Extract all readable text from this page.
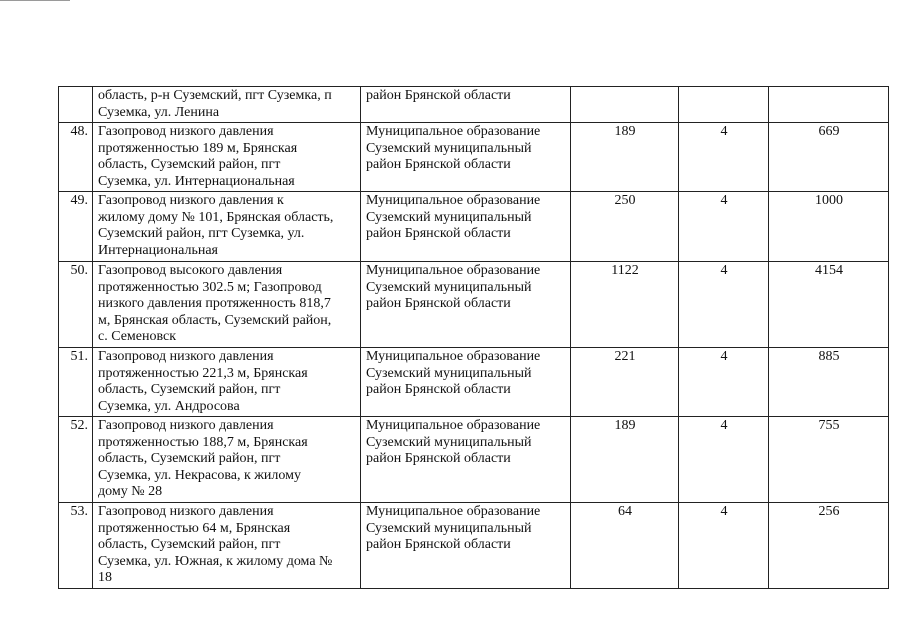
	область, р-н Суземский, пгт Суземка, п
Суземка, ул. Ленина	район Брянской области			

48.	Газопровод низкого давления
протяженностью 189 м, Брянская
область, Суземский район, пгт
Суземка, ул. Интернациональная	Муниципальное образование
Суземский муниципальный
район Брянской области	189	4	669
49.	Газопровод низкого давления к
жилому дому № 101, Брянская область,
Суземский район, пгт Суземка, ул.
Интернациональная	Муниципальное образование
Суземский муниципальный
район Брянской области	250	4	1000
50.	Газопровод высокого давления
протяженностью 302.5 м; Газопровод
низкого давления протяженность 818,7
м, Брянская область, Суземский район,
с. Семеновск	Муниципальное образование
Суземский муниципальный
район Брянской области	1122	4	4154
51.	Газопровод низкого давления
протяженностью 221,3 м, Брянская
область, Суземский район, пгт
Суземка, ул. Андросова	Муниципальное образование
Суземский муниципальный
район Брянской области	221	4	885
52.	Газопровод низкого давления
протяженностью 188,7 м, Брянская
область, Суземский район, пгт
Суземка, ул. Некрасова, к жилому
дому № 28	Муниципальное образование
Суземский муниципальный
район Брянской области	189	4	755
53.	Газопровод низкого давления
протяженностью 64 м, Брянская
область, Суземский район, пгт
Суземка, ул. Южная, к жилому дома №
18	Муниципальное образование
Суземский муниципальный
район Брянской области	64	4	256
